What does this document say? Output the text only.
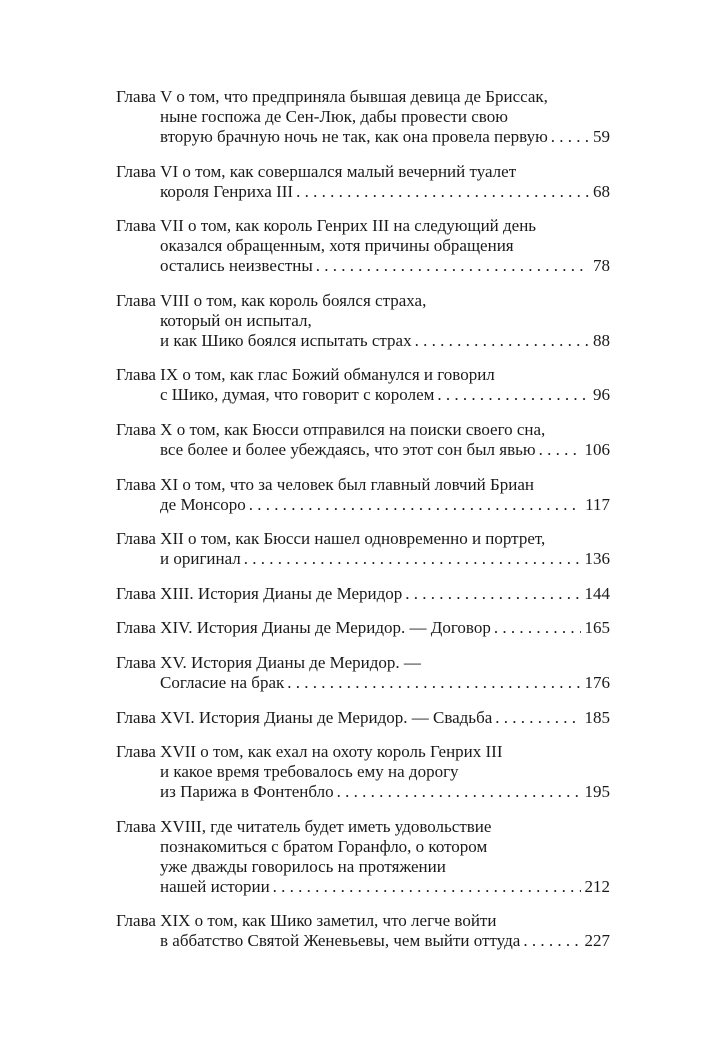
Глава V о том, что предприняла бывшая девица де Бриссак,
ныне госпожа де Сен-Люк, дабы провести свою
вторую брачную ночь не так, как она провела первую . . .	59
Глава VI о том, как совершался малый вечерний туалет
короля Генриха III . . .	68
Глава VII о том, как король Генрих III на следующий день
оказался обращенным, хотя причины обращения
остались неизвестны . . .	78
Глава VIII о том, как король боялся страха,
который он испытал,
и как Шико боялся испытать страх . . .	88
Глава IX о том, как глас Божий обманулся и говорил
с Шико, думая, что говорит с королем . . .	96
Глава X о том, как Бюсси отправился на поиски своего сна,
все более и более убеждаясь, что этот сон был явью . . .	106
Глава XI о том, что за человек был главный ловчий Бриан
де Монсоро . . .	117
Глава XII о том, как Бюсси нашел одновременно и портрет,
и оригинал . . .	136
Глава XIII. История Дианы де Меридор . . .	144
Глава XIV. История Дианы де Меридор. — Договор . . .	165
Глава XV. История Дианы де Меридор. —
Согласие на брак . . .	176
Глава XVI. История Дианы де Меридор. — Свадьба . . .	185
Глава XVII о том, как ехал на охоту король Генрих III
и какое время требовалось ему на дорогу
из Парижа в Фонтенбло . . .	195
Глава XVIII, где читатель будет иметь удовольствие
познакомиться с братом Горанфло, о котором
уже дважды говорилось на протяжении
нашей истории . . .	212
Глава XIX о том, как Шико заметил, что легче войти
в аббатство Святой Женевьевы, чем выйти оттуда . . .	227
